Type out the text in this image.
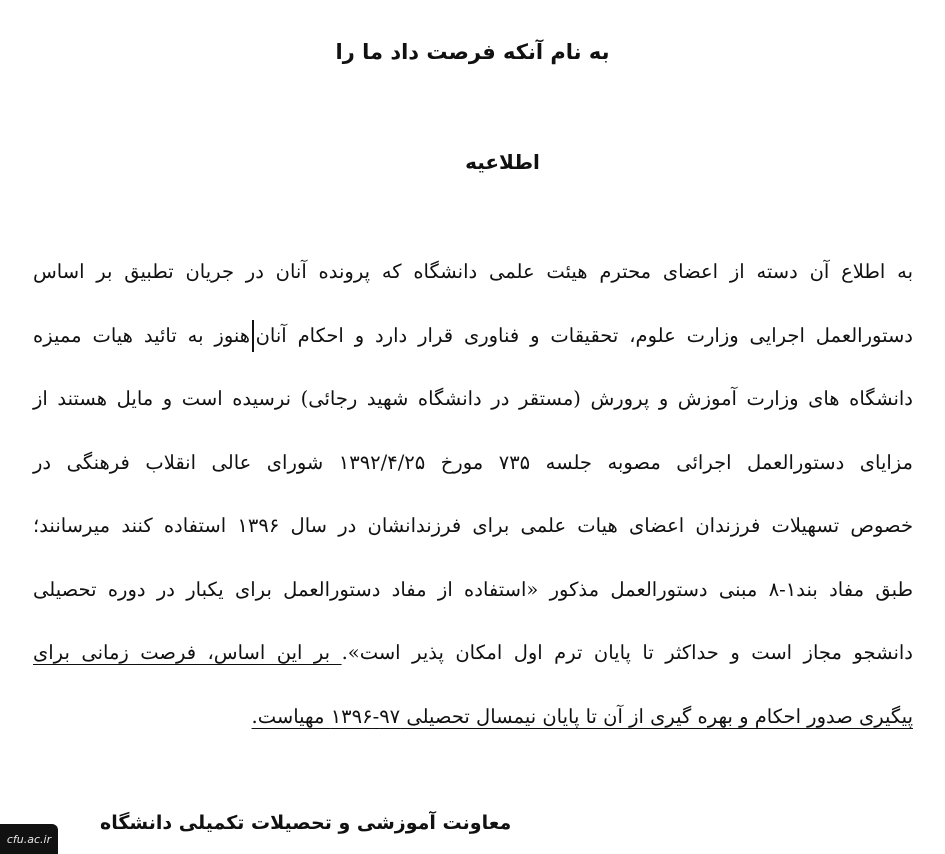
به نام آنکه فرصت داد ما را
اطلاعیه
به اطلاع آن دسته از اعضای محترم هیئت علمی دانشگاه که پرونده آنان در جریان تطبیق بر اساس
دستورالعمل اجرایی وزارت علوم، تحقیقات و فناوری قرار دارد و احکام آنانهنوز به تائید هیات ممیزه
دانشگاه های وزارت آموزش و پرورش (مستقر در دانشگاه شهید رجائی) نرسیده است و مایل هستند از
مزایای دستورالعمل اجرائی مصوبه جلسه ۷۳۵ مورخ ۱۳۹۲/۴/۲۵ شورای عالی انقلاب فرهنگی در
خصوص تسهیلات فرزندان اعضای هیات علمی برای فرزندانشان در سال ۱۳۹۶ استفاده کنند میرسانند؛
طبق مفاد بند۱-۸ مبنی دستورالعمل مذکور «استفاده از مفاد دستورالعمل برای یکبار در دوره تحصیلی
دانشجو مجاز است و حداکثر تا پایان ترم اول امکان پذیر است». بر این اساس، فرصت زمانی برای
پیگیری صدور احکام و بهره گیری از آن تا پایان نیمسال تحصیلی ۹۷-۱۳۹۶ مهیاست.
معاونت آموزشی و تحصیلات تکمیلی دانشگاه
cfu.ac.ir
